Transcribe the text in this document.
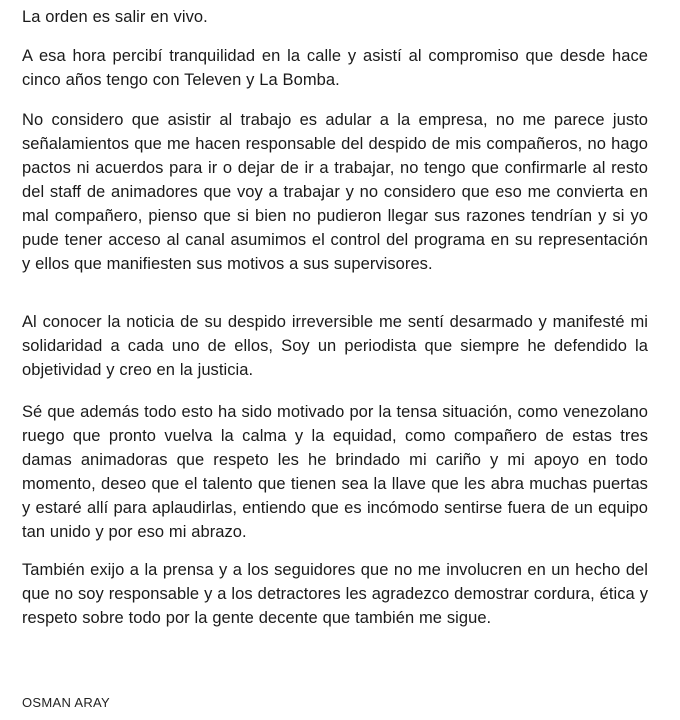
La orden es salir en vivo.

A esa hora percibí tranquilidad en la calle y asistí al compromiso que desde hace cinco años tengo con Televen y La Bomba.

No considero que asistir al trabajo es adular a la empresa, no me parece justo señalamientos que me hacen responsable del despido de mis compañeros, no hago pactos ni acuerdos para ir o dejar de ir a trabajar, no tengo que confirmarle al resto del staff de animadores que voy a trabajar y no considero que eso me convierta en mal compañero, pienso que si bien no pudieron llegar sus razones tendrían y si yo pude tener acceso al canal asumimos el control del programa en su representación y ellos que manifiesten sus motivos a sus supervisores.

Al conocer la noticia de su despido irreversible me sentí desarmado y manifesté mi solidaridad a cada uno de ellos, Soy un periodista que siempre he defendido la objetividad y creo en la justicia.

Sé que además todo esto ha sido motivado por la tensa situación, como venezolano ruego que pronto vuelva la calma y la equidad, como compañero de estas tres damas animadoras que respeto les he brindado mi cariño y mi apoyo en todo momento, deseo que el talento que tienen sea la llave que les abra muchas puertas y estaré allí para aplaudirlas, entiendo que es incómodo sentirse fuera de un equipo tan unido y por eso mi abrazo.

También exijo a la prensa y a los seguidores que no me involucren en un hecho del que no soy responsable y a los detractores les agradezco demostrar cordura, ética y respeto sobre todo por la gente decente que también me sigue.

OSMAN ARAY
